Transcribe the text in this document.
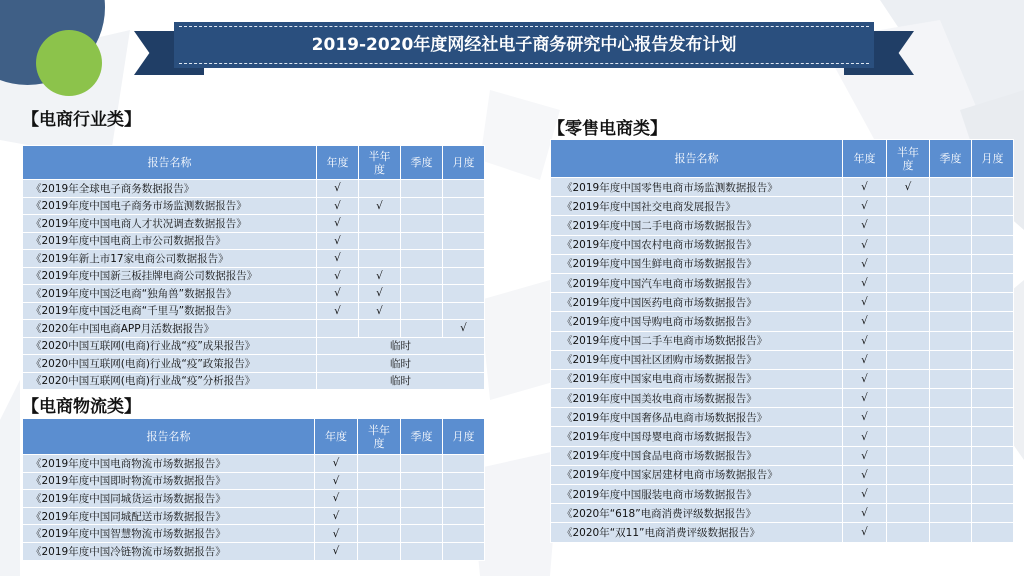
2019-2020年度网经社电子商务研究中心报告发布计划
【电商行业类】
【电商物流类】
【零售电商类】
报告名称	年度	半年度	季度	月度
《2019年全球电子商务数据报告》	√			
《2019年度中国电子商务市场监测数据报告》	√	√		
《2019年度中国电商人才状况调查数据报告》	√			
《2019年度中国电商上市公司数据报告》	√			
《2019年新上市17家电商公司数据报告》	√			
《2019年度中国新三板挂牌电商公司数据报告》	√	√		
《2019年度中国泛电商“独角兽”数据报告》	√	√		
《2019年度中国泛电商“千里马”数据报告》	√	√		
《2020年中国电商APP月活数据报告》				√
《2020中国互联网(电商)行业战“疫”成果报告》	临时			
《2020中国互联网(电商)行业战“疫”政策报告》	临时			
《2020中国互联网(电商)行业战“疫”分析报告》	临时			
报告名称	年度	半年度	季度	月度
《2019年度中国电商物流市场数据报告》	√			
《2019年度中国即时物流市场数据报告》	√			
《2019年度中国同城货运市场数据报告》	√			
《2019年度中国同城配送市场数据报告》	√			
《2019年度中国智慧物流市场数据报告》	√			
《2019年度中国冷链物流市场数据报告》	√			
报告名称	年度	半年度	季度	月度
《2019年度中国零售电商市场监测数据报告》	√	√		
《2019年度中国社交电商发展报告》	√			
《2019年度中国二手电商市场数据报告》	√			
《2019年度中国农村电商市场数据报告》	√			
《2019年度中国生鲜电商市场数据报告》	√			
《2019年度中国汽车电商市场数据报告》	√			
《2019年度中国医药电商市场数据报告》	√			
《2019年度中国导购电商市场数据报告》	√			
《2019年度中国二手车电商市场数据报告》	√			
《2019年度中国社区团购市场数据报告》	√			
《2019年度中国家电电商市场数据报告》	√			
《2019年度中国美妆电商市场数据报告》	√			
《2019年度中国奢侈品电商市场数据报告》	√			
《2019年度中国母婴电商市场数据报告》	√			
《2019年度中国食品电商市场数据报告》	√			
《2019年度中国家居建材电商市场数据报告》	√			
《2019年度中国服装电商市场数据报告》	√			
《2020年“618”电商消费评级数据报告》	√			
《2020年“双11”电商消费评级数据报告》	√			
